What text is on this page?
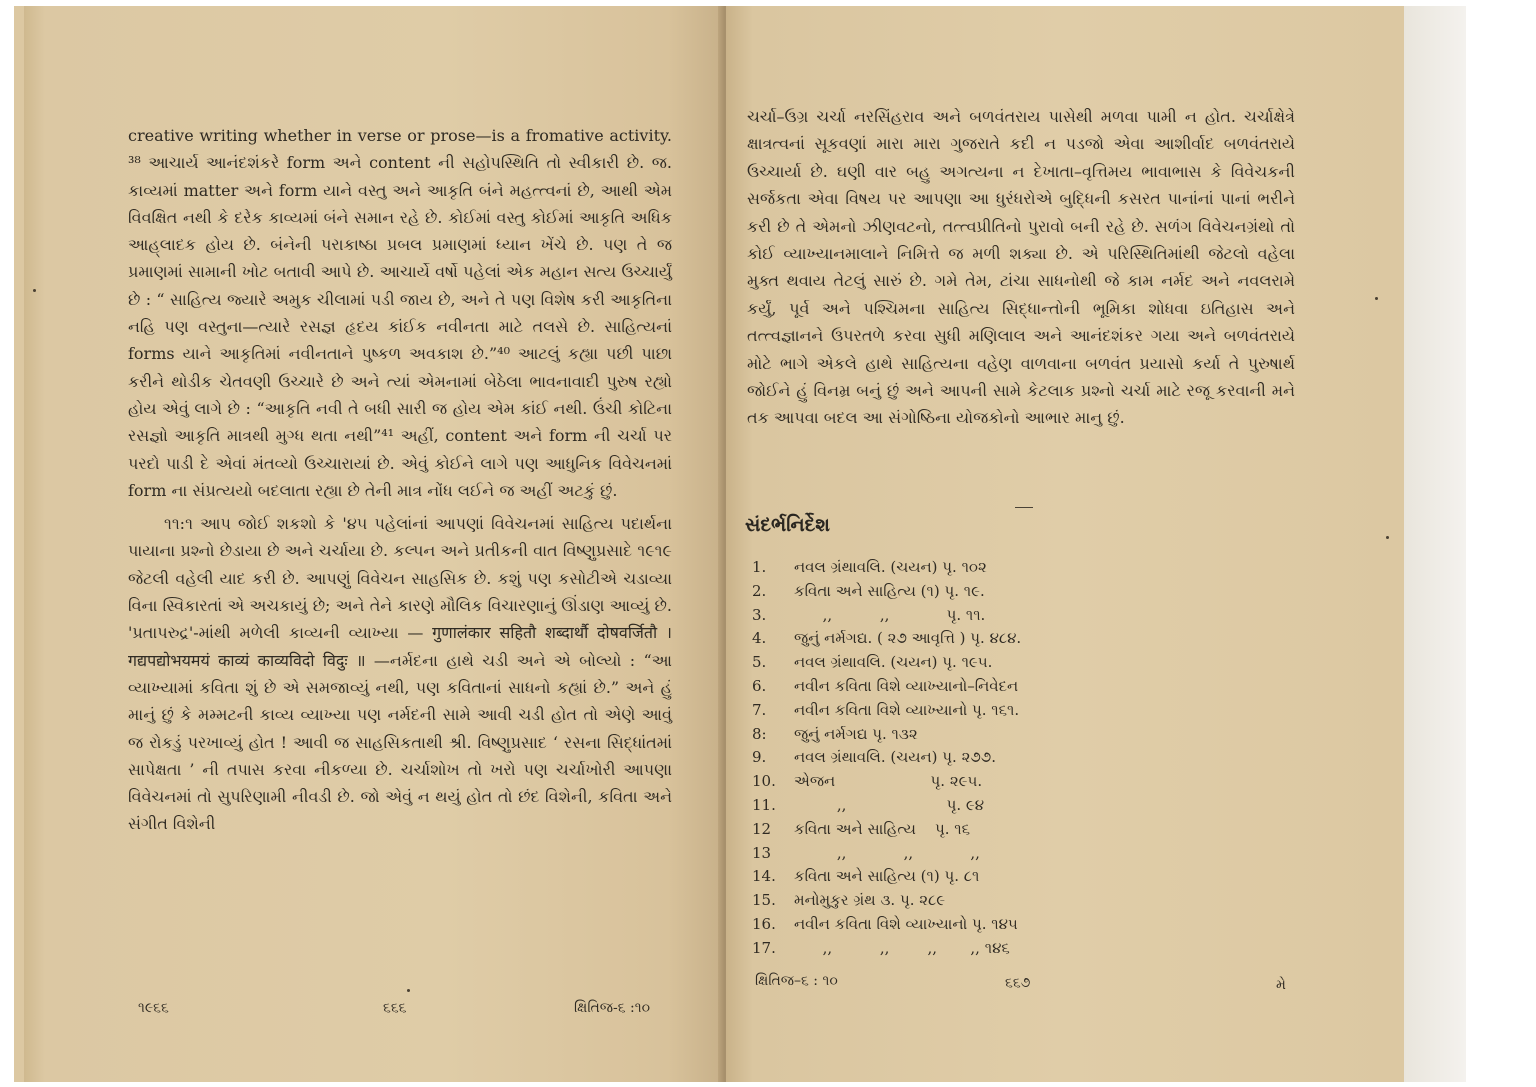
creative writing whether in verse or prose—is a fromative activity. ³⁸ આચાર્ય આનંદશંકરે form અને content ની સહોપસ્થિતિ તો સ્વીકારી છે. જ. કાવ્યમાં matter અને form યાને વસ્તુ અને આકૃતિ બંને મહત્ત્વનાં છે, આથી એમ વિવક્ષિત નથી કે દરેક કાવ્યમાં બંને સમાન રહે છે. કોઈમાં વસ્તુ કોઈમાં આકૃતિ અધિક આહ્‌લાદક હોય છે. બંનેની પરાકાષ્ઠા પ્રબલ પ્રમાણમાં ધ્યાન ખેંચે છે. પણ તે જ પ્રમાણમાં સામાની ખોટ બતાવી આપે છે. આચાર્યે વર્ષો પહેલાં એક મહાન સત્ય ઉચ્ચાર્યું છે : “ સાહિત્ય જ્યારે અમુક ચીલામાં પડી જાય છે, અને તે પણ વિશેષ કરી આકૃતિના નહિ પણ વસ્તુના—ત્યારે રસજ્ઞ હૃદય કાંઈક નવીનતા માટે તલસે છે. સાહિત્યનાં forms યાને આકૃતિમાં નવીનતાને પુષ્કળ અવકાશ છે.”⁴⁰ આટલું કહ્યા પછી પાછા કરીને થોડીક ચેતવણી ઉચ્ચારે છે અને ત્યાં એમનામાં બેઠેલા ભાવનાવાદી પુરુષ રહ્યો હોય એવું લાગે છે : “આકૃતિ નવી તે બધી સારી જ હોય એમ કાંઈ નથી. ઉંચી કોટિના રસજ્ઞો આકૃતિ માત્રથી મુગ્ધ થતા નથી”⁴¹ અહીં, content અને form ની ચર્ચા પર પરદો પાડી દે એવાં મંતવ્યો ઉચ્ચારાયાં છે. એવું કોઈને લાગે પણ આધુનિક વિવેચનમાં form ના સંપ્રત્યયો બદલાતા રહ્યા છે તેની માત્ર નોંધ લઈને જ અહીં અટકું છું.

૧૧:૧ આપ જોઈ શકશો કે '૪૫ પહેલાંનાં આપણાં વિવેચનમાં સાહિત્ય પદાર્થના પાયાના પ્રશ્નો છેડાયા છે અને ચર્ચાયા છે. કલ્પન અને પ્રતીકની વાત વિષ્ણુપ્રસાદે ૧૯૧૯ જેટલી વહેલી યાદ કરી છે. આપણું વિવેચન સાહસિક છે. કશું પણ કસોટીએ ચડાવ્યા વિના સ્વિકારતાં એ અચકાયું છે; અને તેને કારણે મૌલિક વિચારણાનું ઊંડાણ આવ્યું છે. 'પ્રતાપરુદ્ર'-માંથી મળેલી કાવ્યની વ્યાખ્યા — गुणालंकार सहितौ शब्दार्थौ दोषवर्जितौ । गद्यपद्योभयमयं काव्यं काव्यविदो विदुः ॥ —નર્મદના હાથે ચડી અને એ બોલ્યો : “આ વ્યાખ્યામાં કવિતા શું છે એ સમજાવ્યું નથી, પણ કવિતાનાં સાધનો કહ્યાં છે.” અને હું માનું છું કે મમ્મટની કાવ્ય વ્યાખ્યા પણ નર્મદની સામે આવી ચડી હોત તો એણે આવું જ રોકડું પરખાવ્યું હોત ! આવી જ સાહસિકતાથી શ્રી. વિષ્ણુપ્રસાદ ‘ રસના સિદ્ધાંતમાં સાપેક્ષતા ’ ની તપાસ કરવા નીકળ્યા છે. ચર્ચાશોખ તો ખરો પણ ચર્ચાખોરી આપણા વિવેચનમાં તો સુપરિણામી નીવડી છે. જો એવું ન થયું હોત તો છંદ વિશેની, કવિતા અને સંગીત વિશેની

૧૯૬૬	૬૬૬	ક્ષિતિજ-૬ :૧૦

ચર્ચા–ઉગ્ર ચર્ચા નરસિંહરાવ અને બળવંતરાય પાસેથી મળવા પામી ન હોત. ચર્ચાક્ષેત્રે ક્ષાત્રત્વનાં સૂકવણાં મારા મારા ગુજરાતે કદી ન પડજો એવા આશીર્વાદ બળવંતરાયે ઉચ્ચાર્યા છે. ઘણી વાર બહુ અગત્યના ન દેખાતા–વૃત્તિમય ભાવાભાસ કે વિવેચકની સર્જકતા એવા વિષય પર આપણા આ ધુરંધરોએ બુદ્ધિની કસરત પાનાંનાં પાનાં ભરીને કરી છે તે એમનો ઝીણવટનો, તત્ત્વપ્રીતિનો પુરાવો બની રહે છે. સળંગ વિવેચનગ્રંથો તો કોઈ વ્યાખ્યાનમાલાને નિમિત્તે જ મળી શક્યા છે. એ પરિસ્થિતિમાંથી જેટલો વહેલા મુક્ત થવાય તેટલું સારું છે. ગમે તેમ, ટાંચા સાધનોથી જે કામ નર્મદ અને નવલરામે કર્યું, પૂર્વ અને પશ્ચિમના સાહિત્ય સિદ્ધાન્તોની ભૂમિકા શોધવા ઇતિહાસ અને તત્ત્વજ્ઞાનને ઉપરતળે કરવા સુધી મણિલાલ અને આનંદશંકર ગયા અને બળવંતરાયે મોટે ભાગે એકલે હાથે સાહિત્યના વહેણ વાળવાના બળવંત પ્રયાસો કર્યા તે પુરુષાર્થ જોઈને હું વિનમ્ર બનું છું અને આપની સામે કેટલાક પ્રશ્નો ચર્ચા માટે રજૂ કરવાની મને તક આપવા બદલ આ સંગોષ્ઠિના યોજકોનો આભાર માનુ છું.

સંદર્ભનિર્દેશ
1. નવલ ગ્રંથાવલિ. (ચયન) પૃ. ૧૦૨
2. કવિતા અને સાહિત્ય (૧) પૃ. ૧૯.
3.      ,,          ,,            પૃ. ૧૧.
4. જુનું નર્મગદ્ય. ( ૨૭ આવૃત્તિ ) પૃ. ૪૮૪.
5. નવલ ગ્રંથાવલિ. (ચયન) પૃ. ૧૯૫.
6. નવીન કવિતા વિશે વ્યાખ્યાનો–નિવેદન
7. નવીન કવિતા વિશે વ્યાખ્યાનો પૃ. ૧૬૧.
8: જુનું નર્મગદ્ય પૃ. ૧૩૨
9. નવલ ગ્રંથાવલિ. (ચયન) પૃ. ૨૭૭.
10. એજન                    પૃ. ૨૯૫.
11.         ,,                     પૃ. ૯૪
12 કવિતા અને સાહિત્ય    પૃ. ૧૬
13         ,,            ,,            ,,
14. કવિતા અને સાહિત્ય (૧) પૃ. ૮૧
15. મનોમુકુર ગ્રંથ ૩. પૃ. ૨૮૯
16. નવીન કવિતા વિશે વ્યાખ્યાનો પૃ. ૧૪૫
17.      ,,          ,,        ,,       ,, ૧૪૬
ક્ષિતિજ–૬ : ૧૦	૬૬૭	મે
